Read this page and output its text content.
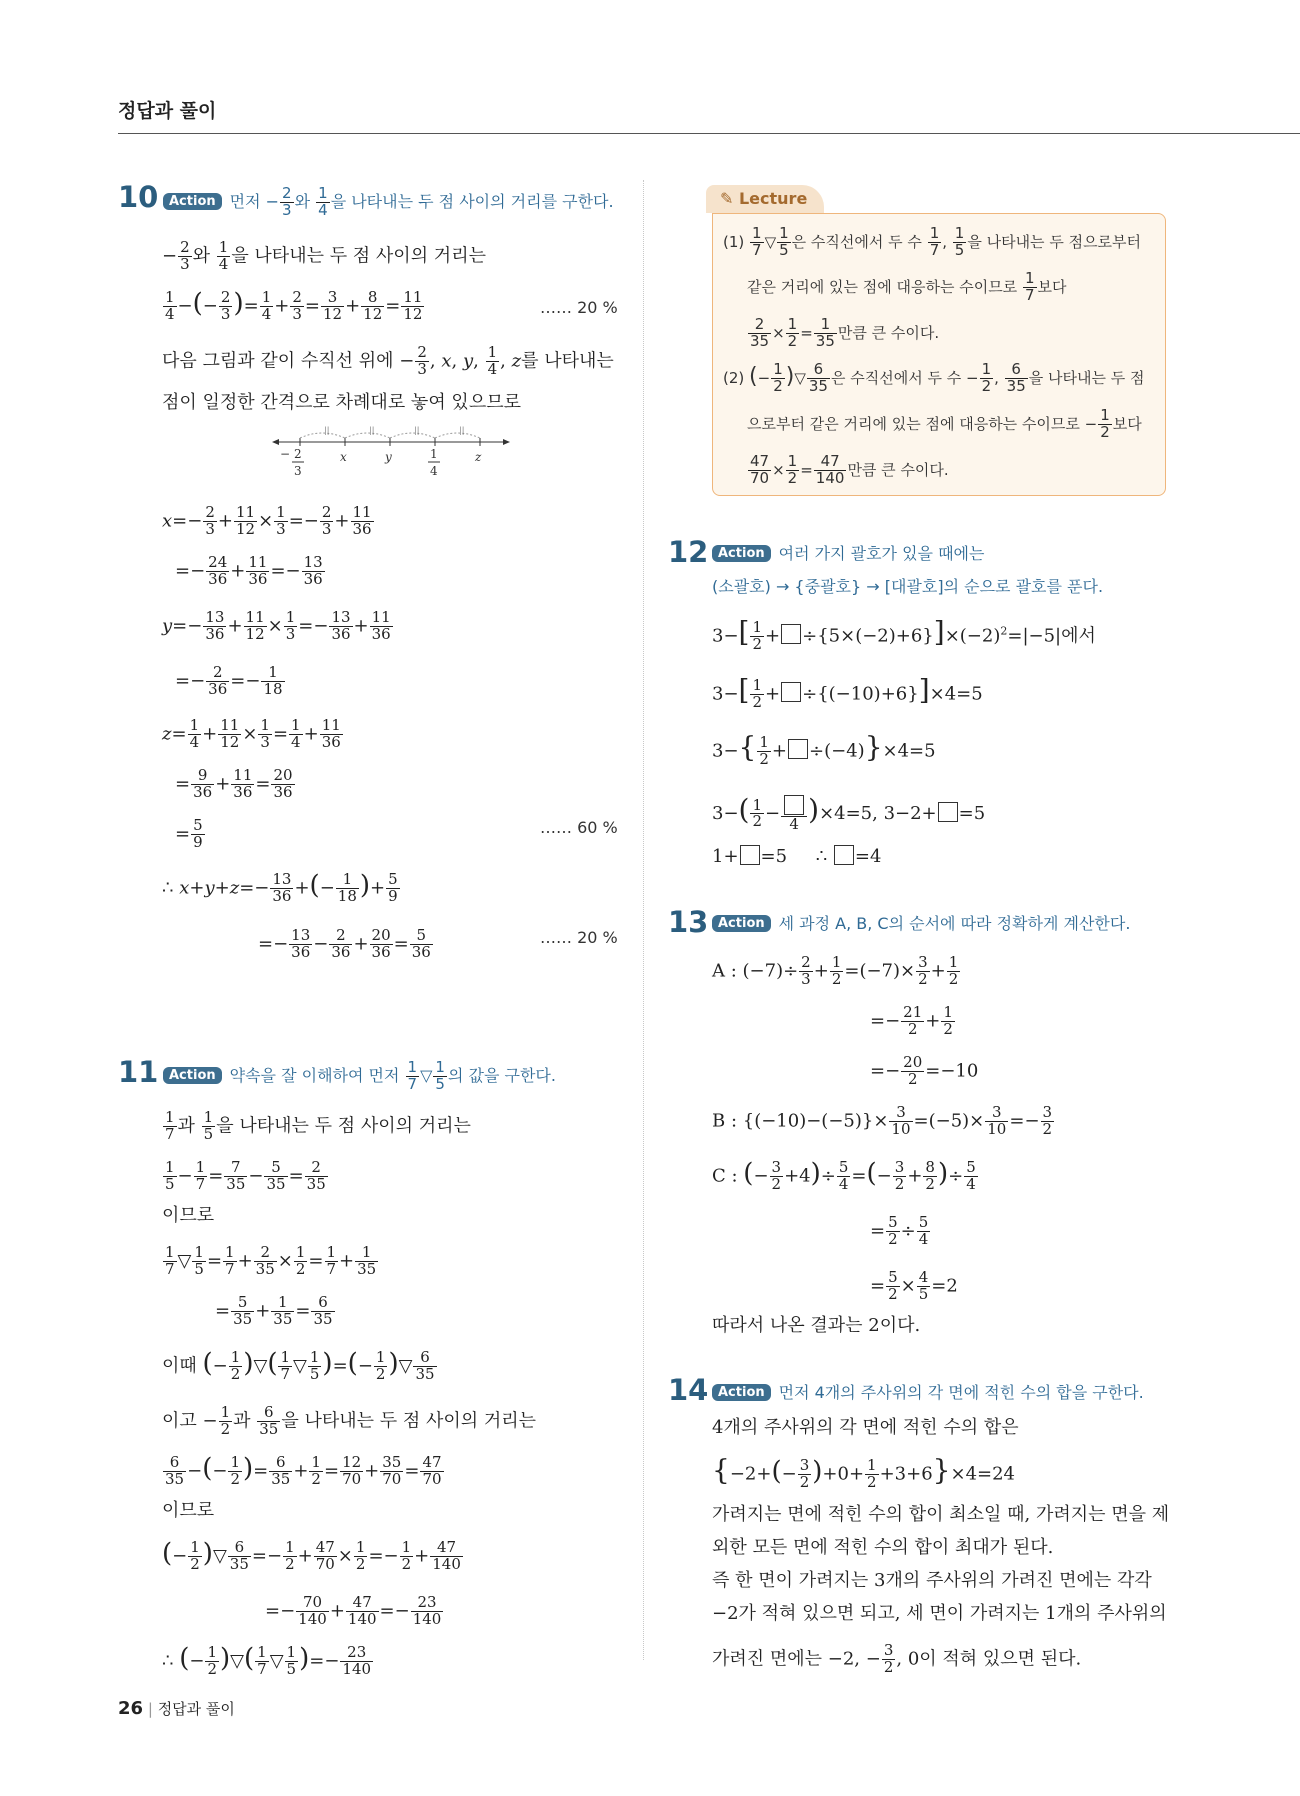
정답과 풀이
10 Action 먼저 − $\frac{2}{3}$ 와 $\frac{1}{4}$ 을 나타내는 두 점 사이의 거리를 구한다.
− $\frac{2}{3}$ 와 $\frac{1}{4}$ 을 나타내는 두 점 사이의 거리는
$\frac{1}{4}$ −(− $\frac{2}{3}$ )= $\frac{1}{4} + \frac{2}{3} = \frac{3}{12} + \frac{8}{12} = \frac{11}{12}$	…… 20 %
다음 그림과 같이 수직선 위에 − $\frac{2}{3}$ , x, y, $\frac{1}{4}$ , z를 나타내는
점이 일정한 간격으로 차례대로 놓여 있으므로
||	||	||	||
x	y	z
− 2
3
1
4
$x=- \frac{2}{3} + \frac{11}{12} \times \frac{1}{3} =- \frac{2}{3} + \frac{11}{36}$
=− $\frac{24}{36} + \frac{11}{36} =- \frac{13}{36}$
$y=- \frac{13}{36} + \frac{11}{12} \times \frac{1}{3} =- \frac{13}{36} + \frac{11}{36}$
=− $\frac{2}{36} =- \frac{1}{18}$
$z= \frac{1}{4} + \frac{11}{12} \times \frac{1}{3} = \frac{1}{4} + \frac{11}{36}$
= $\frac{9}{36} + \frac{11}{36} = \frac{20}{36}$
= $\frac{5}{9}$	…… 60 %
∴ $x+y+z=- \frac{13}{36}$ +(− $\frac{1}{18}$ )+ $\frac{5}{9}$
=− $\frac{13}{36} - \frac{2}{36} + \frac{20}{36} = \frac{5}{36}$	…… 20 %
11 Action 약속을 잘 이해하여 먼저 $\frac{1}{7}$ ▽ $\frac{1}{5}$ 의 값을 구한다.
$\frac{1}{7}$ 과 $\frac{1}{5}$ 을 나타내는 두 점 사이의 거리는
$\frac{1}{5} - \frac{1}{7} = \frac{7}{35} - \frac{5}{35} = \frac{2}{35}$
이므로
$\frac{1}{7}$ ▽ $\frac{1}{5} = \frac{1}{7} + \frac{2}{35} \times \frac{1}{2} = \frac{1}{7} + \frac{1}{35}$
= $\frac{5}{35} + \frac{1}{35} = \frac{6}{35}$
이때 (− $\frac{1}{2}$ )▽( $\frac{1}{7}$ ▽ $\frac{1}{5}$ )=(− $\frac{1}{2}$ )▽ $\frac{6}{35}$
이고 − $\frac{1}{2}$ 과 $\frac{6}{35}$ 을 나타내는 두 점 사이의 거리는
$\frac{6}{35}$ −(− $\frac{1}{2}$ )= $\frac{6}{35} + \frac{1}{2} = \frac{12}{70} + \frac{35}{70} = \frac{47}{70}$
이므로
(− $\frac{1}{2}$ )▽ $\frac{6}{35} =- \frac{1}{2} + \frac{47}{70} \times \frac{1}{2} =- \frac{1}{2} + \frac{47}{140}$
=− $\frac{70}{140} + \frac{47}{140} =- \frac{23}{140}$
∴ (− $\frac{1}{2}$ )▽( $\frac{1}{7}$ ▽ $\frac{1}{5}$ )=− $\frac{23}{140}$
✎ Lecture
$(1) \frac{1}{7}$ ▽ $\frac{1}{5}$ 은 수직선에서 두 수 $\frac{1}{7}$ , $\frac{1}{5}$ 을 나타내는 두 점으로부터
같은 거리에 있는 점에 대응하는 수이므로 $\frac{1}{7}$ 보다
$\frac{2}{35} \times \frac{1}{2} = \frac{1}{35}$ 만큼 큰 수이다.
(2) (− $\frac{1}{2}$ )▽ $\frac{6}{35}$ 은 수직선에서 두 수 − $\frac{1}{2}$ , $\frac{6}{35}$ 을 나타내는 두 점
으로부터 같은 거리에 있는 점에 대응하는 수이므로 − $\frac{1}{2}$ 보다
$\frac{47}{70} \times \frac{1}{2} = \frac{47}{140}$ 만큼 큰 수이다.
12 Action 여러 가지 괄호가 있을 때에는
(소괄호) → {중괄호} → [대괄호]의 순으로 괄호를 푼다.
$3-[ \frac{1}{2} + \div\{5\times(-2)+6\}]\times(-2)^2=|-5|$에서
$3-[ \frac{1}{2} + \div\{(-10)+6\}]\times 4=5$
$3-\{ \frac{1}{2} + \div(-4)\}\times 4=5$
$3-( \frac{1}{2} - 4$ )×4=5, 3−2+ =5
1+ =5     ∴ =4
13 Action 세 과정 A, B, C의 순서에 따라 정확하게 계산한다.
A : $(-7)\div \frac{2}{3} + \frac{1}{2} =(-7)\times \frac{3}{2} + \frac{1}{2}$
=− $\frac{21}{2} + \frac{1}{2}$
=− $\frac{20}{2} =-10$
B : $\{(-10)-(-5)\}\times \frac{3}{10} =(-5)\times \frac{3}{10} =- \frac{3}{2}$
C : (− $\frac{3}{2} +4)\div \frac{5}{4}$ =(− $\frac{3}{2} + \frac{8}{2}$ )÷ $\frac{5}{4}$
= $\frac{5}{2} \div \frac{5}{4}$
= $\frac{5}{2} \times \frac{4}{5} =2$
따라서 나온 결과는 2이다.
14 Action 먼저 4개의 주사위의 각 면에 적힌 수의 합을 구한다.
4개의 주사위의 각 면에 적힌 수의 합은
$\{-2+(- \frac{3}{2} )+0+ \frac{1}{2} +3+6\}\times 4=24$
가려지는 면에 적힌 수의 합이 최소일 때, 가려지는 면을 제
외한 모든 면에 적힌 수의 합이 최대가 된다.
즉 한 면이 가려지는 3개의 주사위의 가려진 면에는 각각
−2가 적혀 있으면 되고, 세 면이 가려지는 1개의 주사위의
가려진 면에는 −2, − $\frac{3}{2}$ , 0이 적혀 있으면 된다.
26 | 정답과 풀이
